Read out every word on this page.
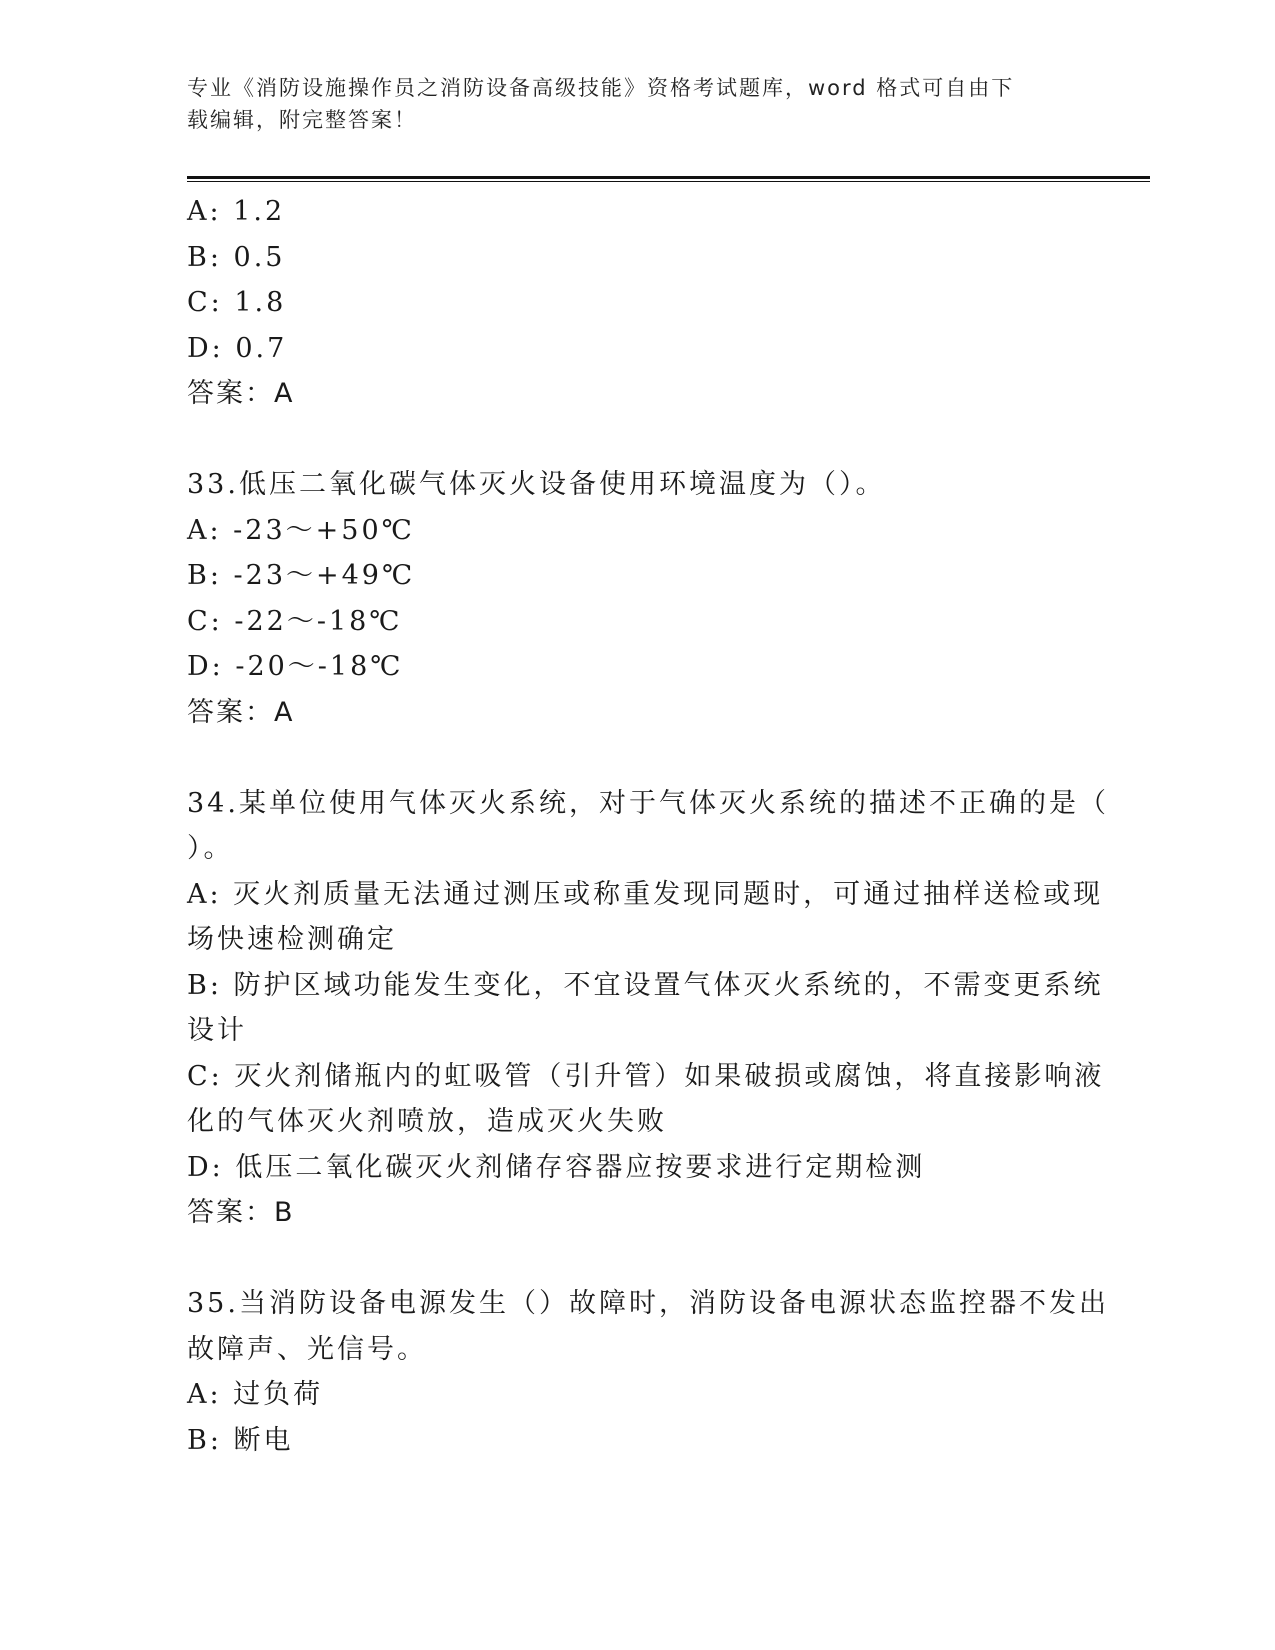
专业《消防设施操作员之消防设备高级技能》资格考试题库，word 格式可自由下
载编辑，附完整答案！
A: 1.2
B: 0.5
C: 1.8
D: 0.7
答案：A
33.低压二氧化碳气体灭火设备使用环境温度为（）。
A: -23～+50℃
B: -23～+49℃
C: -22～-18℃
D: -20～-18℃
答案：A
34.某单位使用气体灭火系统，对于气体灭火系统的描述不正确的是（
）。
A: 灭火剂质量无法通过测压或称重发现同题时，可通过抽样送检或现
场快速检测确定
B: 防护区域功能发生变化，不宜设置气体灭火系统的，不需变更系统
设计
C: 灭火剂储瓶内的虹吸管（引升管）如果破损或腐蚀，将直接影响液
化的气体灭火剂喷放，造成灭火失败
D: 低压二氧化碳灭火剂储存容器应按要求进行定期检测
答案：B
35.当消防设备电源发生（）故障时，消防设备电源状态监控器不发出
故障声、光信号。
A: 过负荷
B: 断电
